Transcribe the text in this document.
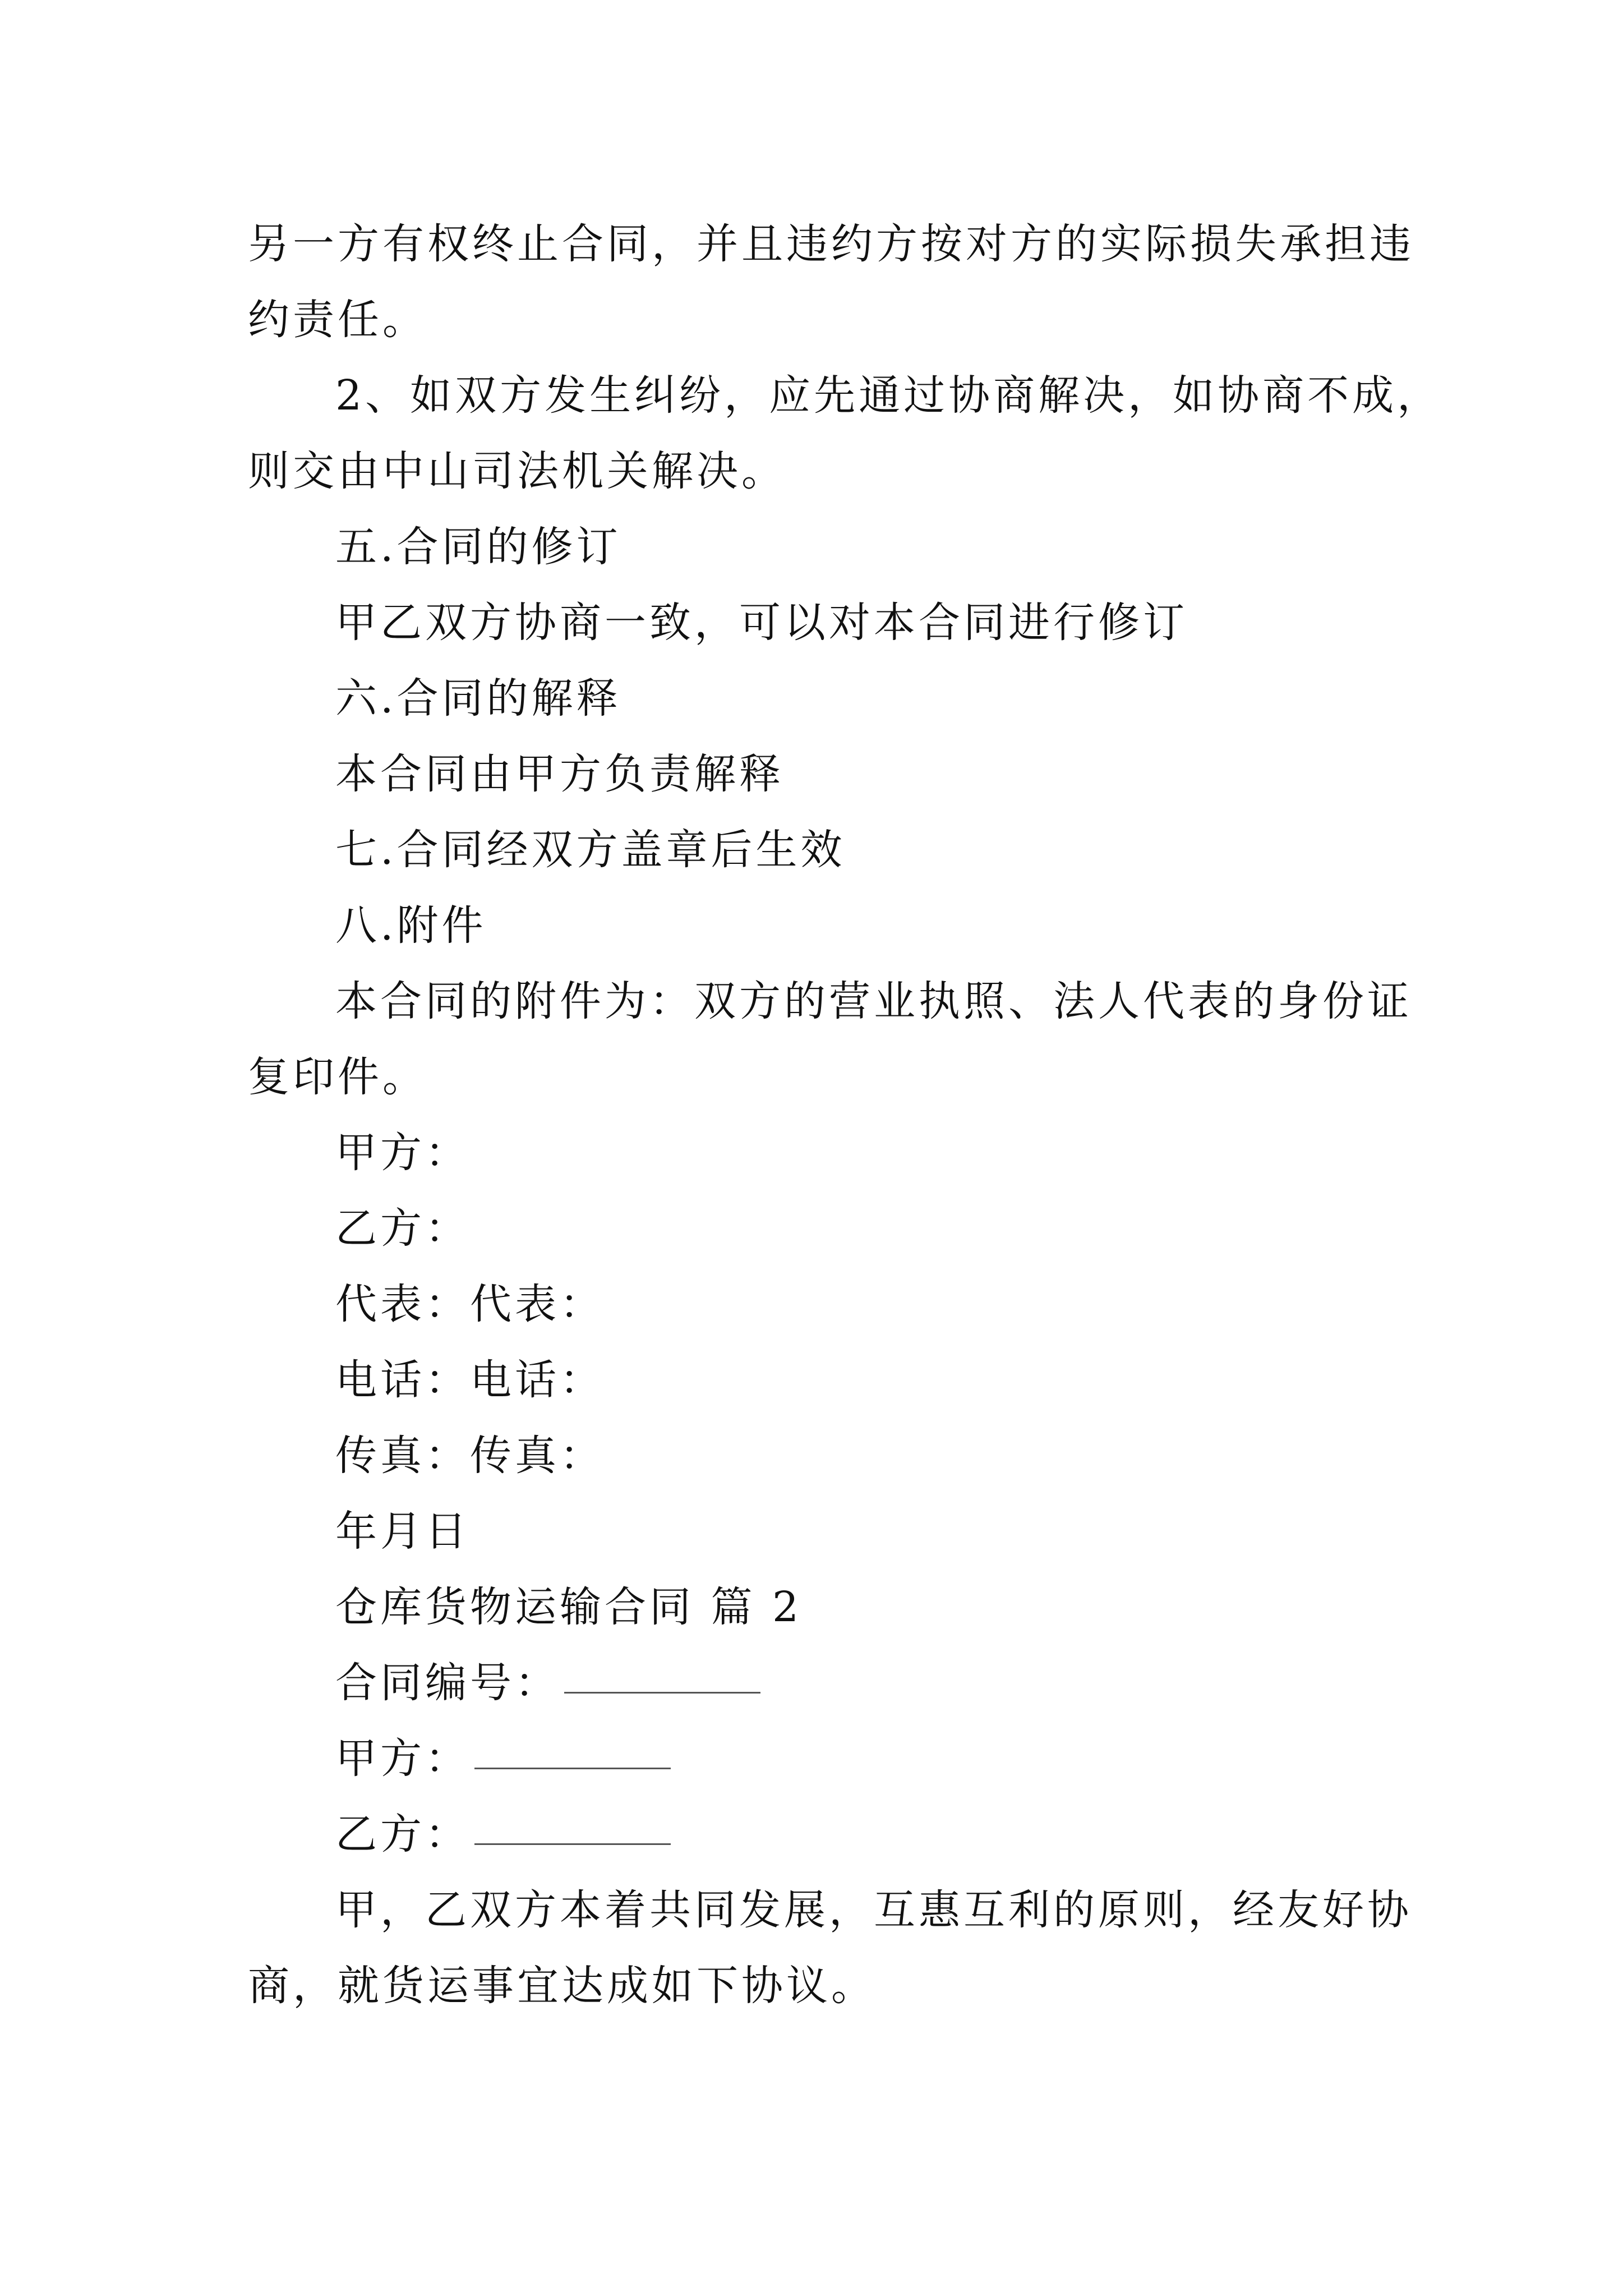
另一方有权终止合同，并且违约方按对方的实际损失承担违
约责任。
2、如双方发生纠纷，应先通过协商解决，如协商不成，
则交由中山司法机关解决。
五.合同的修订
甲乙双方协商一致，可以对本合同进行修订
六.合同的解释
本合同由甲方负责解释
七.合同经双方盖章后生效
八.附件
本合同的附件为：双方的营业执照、法人代表的身份证
复印件。
甲方：
乙方：
代表：代表：
电话：电话：
传真：传真：
年月日
仓库货物运输合同 篇 2
合同编号：
甲方：
乙方：
甲，乙双方本着共同发展，互惠互利的原则，经友好协
商，就货运事宜达成如下协议。
